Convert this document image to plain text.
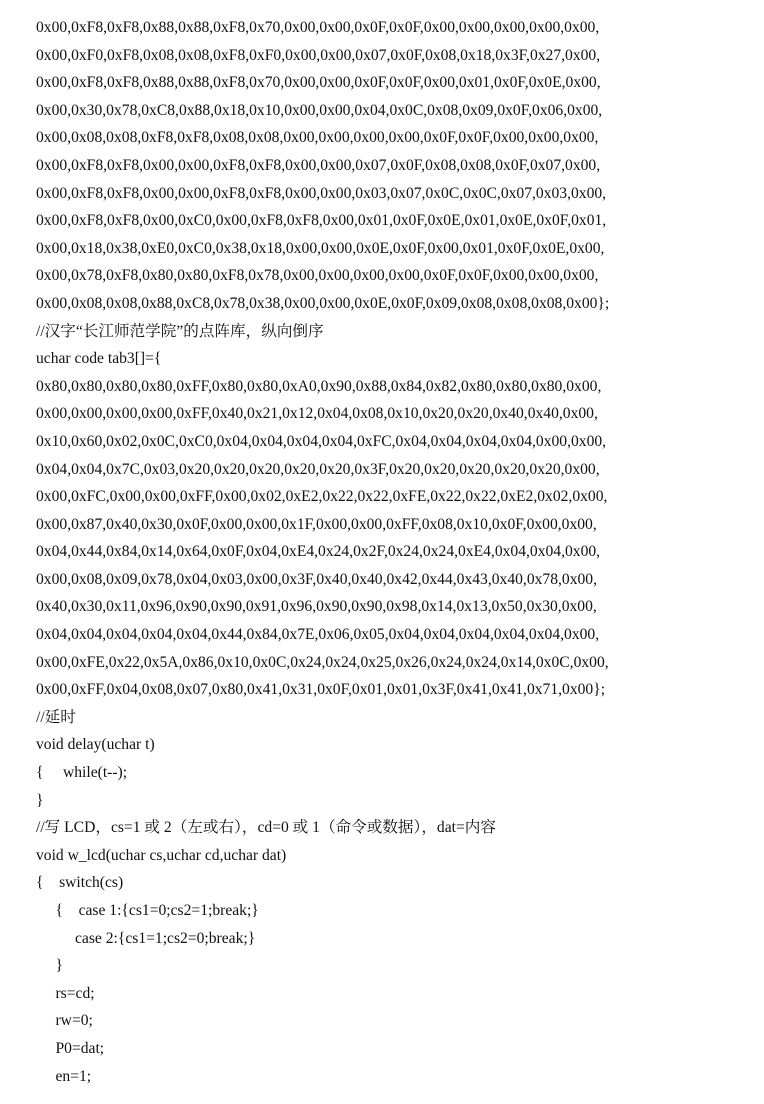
0x00,0xF8,0xF8,0x88,0x88,0xF8,0x70,0x00,0x00,0x0F,0x0F,0x00,0x00,0x00,0x00,0x00,
0x00,0xF0,0xF8,0x08,0x08,0xF8,0xF0,0x00,0x00,0x07,0x0F,0x08,0x18,0x3F,0x27,0x00,
0x00,0xF8,0xF8,0x88,0x88,0xF8,0x70,0x00,0x00,0x0F,0x0F,0x00,0x01,0x0F,0x0E,0x00,
0x00,0x30,0x78,0xC8,0x88,0x18,0x10,0x00,0x00,0x04,0x0C,0x08,0x09,0x0F,0x06,0x00,
0x00,0x08,0x08,0xF8,0xF8,0x08,0x08,0x00,0x00,0x00,0x00,0x0F,0x0F,0x00,0x00,0x00,
0x00,0xF8,0xF8,0x00,0x00,0xF8,0xF8,0x00,0x00,0x07,0x0F,0x08,0x08,0x0F,0x07,0x00,
0x00,0xF8,0xF8,0x00,0x00,0xF8,0xF8,0x00,0x00,0x03,0x07,0x0C,0x0C,0x07,0x03,0x00,
0x00,0xF8,0xF8,0x00,0xC0,0x00,0xF8,0xF8,0x00,0x01,0x0F,0x0E,0x01,0x0E,0x0F,0x01,
0x00,0x18,0x38,0xE0,0xC0,0x38,0x18,0x00,0x00,0x0E,0x0F,0x00,0x01,0x0F,0x0E,0x00,
0x00,0x78,0xF8,0x80,0x80,0xF8,0x78,0x00,0x00,0x00,0x00,0x0F,0x0F,0x00,0x00,0x00,
0x00,0x08,0x08,0x88,0xC8,0x78,0x38,0x00,0x00,0x0E,0x0F,0x09,0x08,0x08,0x08,0x00};
//汉字“长江师范学院”的点阵库，纵向倒序
uchar code tab3[]={
0x80,0x80,0x80,0x80,0xFF,0x80,0x80,0xA0,0x90,0x88,0x84,0x82,0x80,0x80,0x80,0x00,
0x00,0x00,0x00,0x00,0xFF,0x40,0x21,0x12,0x04,0x08,0x10,0x20,0x20,0x40,0x40,0x00,
0x10,0x60,0x02,0x0C,0xC0,0x04,0x04,0x04,0x04,0xFC,0x04,0x04,0x04,0x04,0x00,0x00,
0x04,0x04,0x7C,0x03,0x20,0x20,0x20,0x20,0x20,0x3F,0x20,0x20,0x20,0x20,0x20,0x00,
0x00,0xFC,0x00,0x00,0xFF,0x00,0x02,0xE2,0x22,0x22,0xFE,0x22,0x22,0xE2,0x02,0x00,
0x00,0x87,0x40,0x30,0x0F,0x00,0x00,0x1F,0x00,0x00,0xFF,0x08,0x10,0x0F,0x00,0x00,
0x04,0x44,0x84,0x14,0x64,0x0F,0x04,0xE4,0x24,0x2F,0x24,0x24,0xE4,0x04,0x04,0x00,
0x00,0x08,0x09,0x78,0x04,0x03,0x00,0x3F,0x40,0x40,0x42,0x44,0x43,0x40,0x78,0x00,
0x40,0x30,0x11,0x96,0x90,0x90,0x91,0x96,0x90,0x90,0x98,0x14,0x13,0x50,0x30,0x00,
0x04,0x04,0x04,0x04,0x04,0x44,0x84,0x7E,0x06,0x05,0x04,0x04,0x04,0x04,0x04,0x00,
0x00,0xFE,0x22,0x5A,0x86,0x10,0x0C,0x24,0x24,0x25,0x26,0x24,0x24,0x14,0x0C,0x00,
0x00,0xFF,0x04,0x08,0x07,0x80,0x41,0x31,0x0F,0x01,0x01,0x3F,0x41,0x41,0x71,0x00};
//延时
void delay(uchar t)
{     while(t--);
}
//写 LCD，cs=1 或 2（左或右），cd=0 或 1（命令或数据），dat=内容
void w_lcd(uchar cs,uchar cd,uchar dat)
{    switch(cs)
{    case 1:{cs1=0;cs2=1;break;}
case 2:{cs1=1;cs2=0;break;}
}
rs=cd;
rw=0;
P0=dat;
en=1;
